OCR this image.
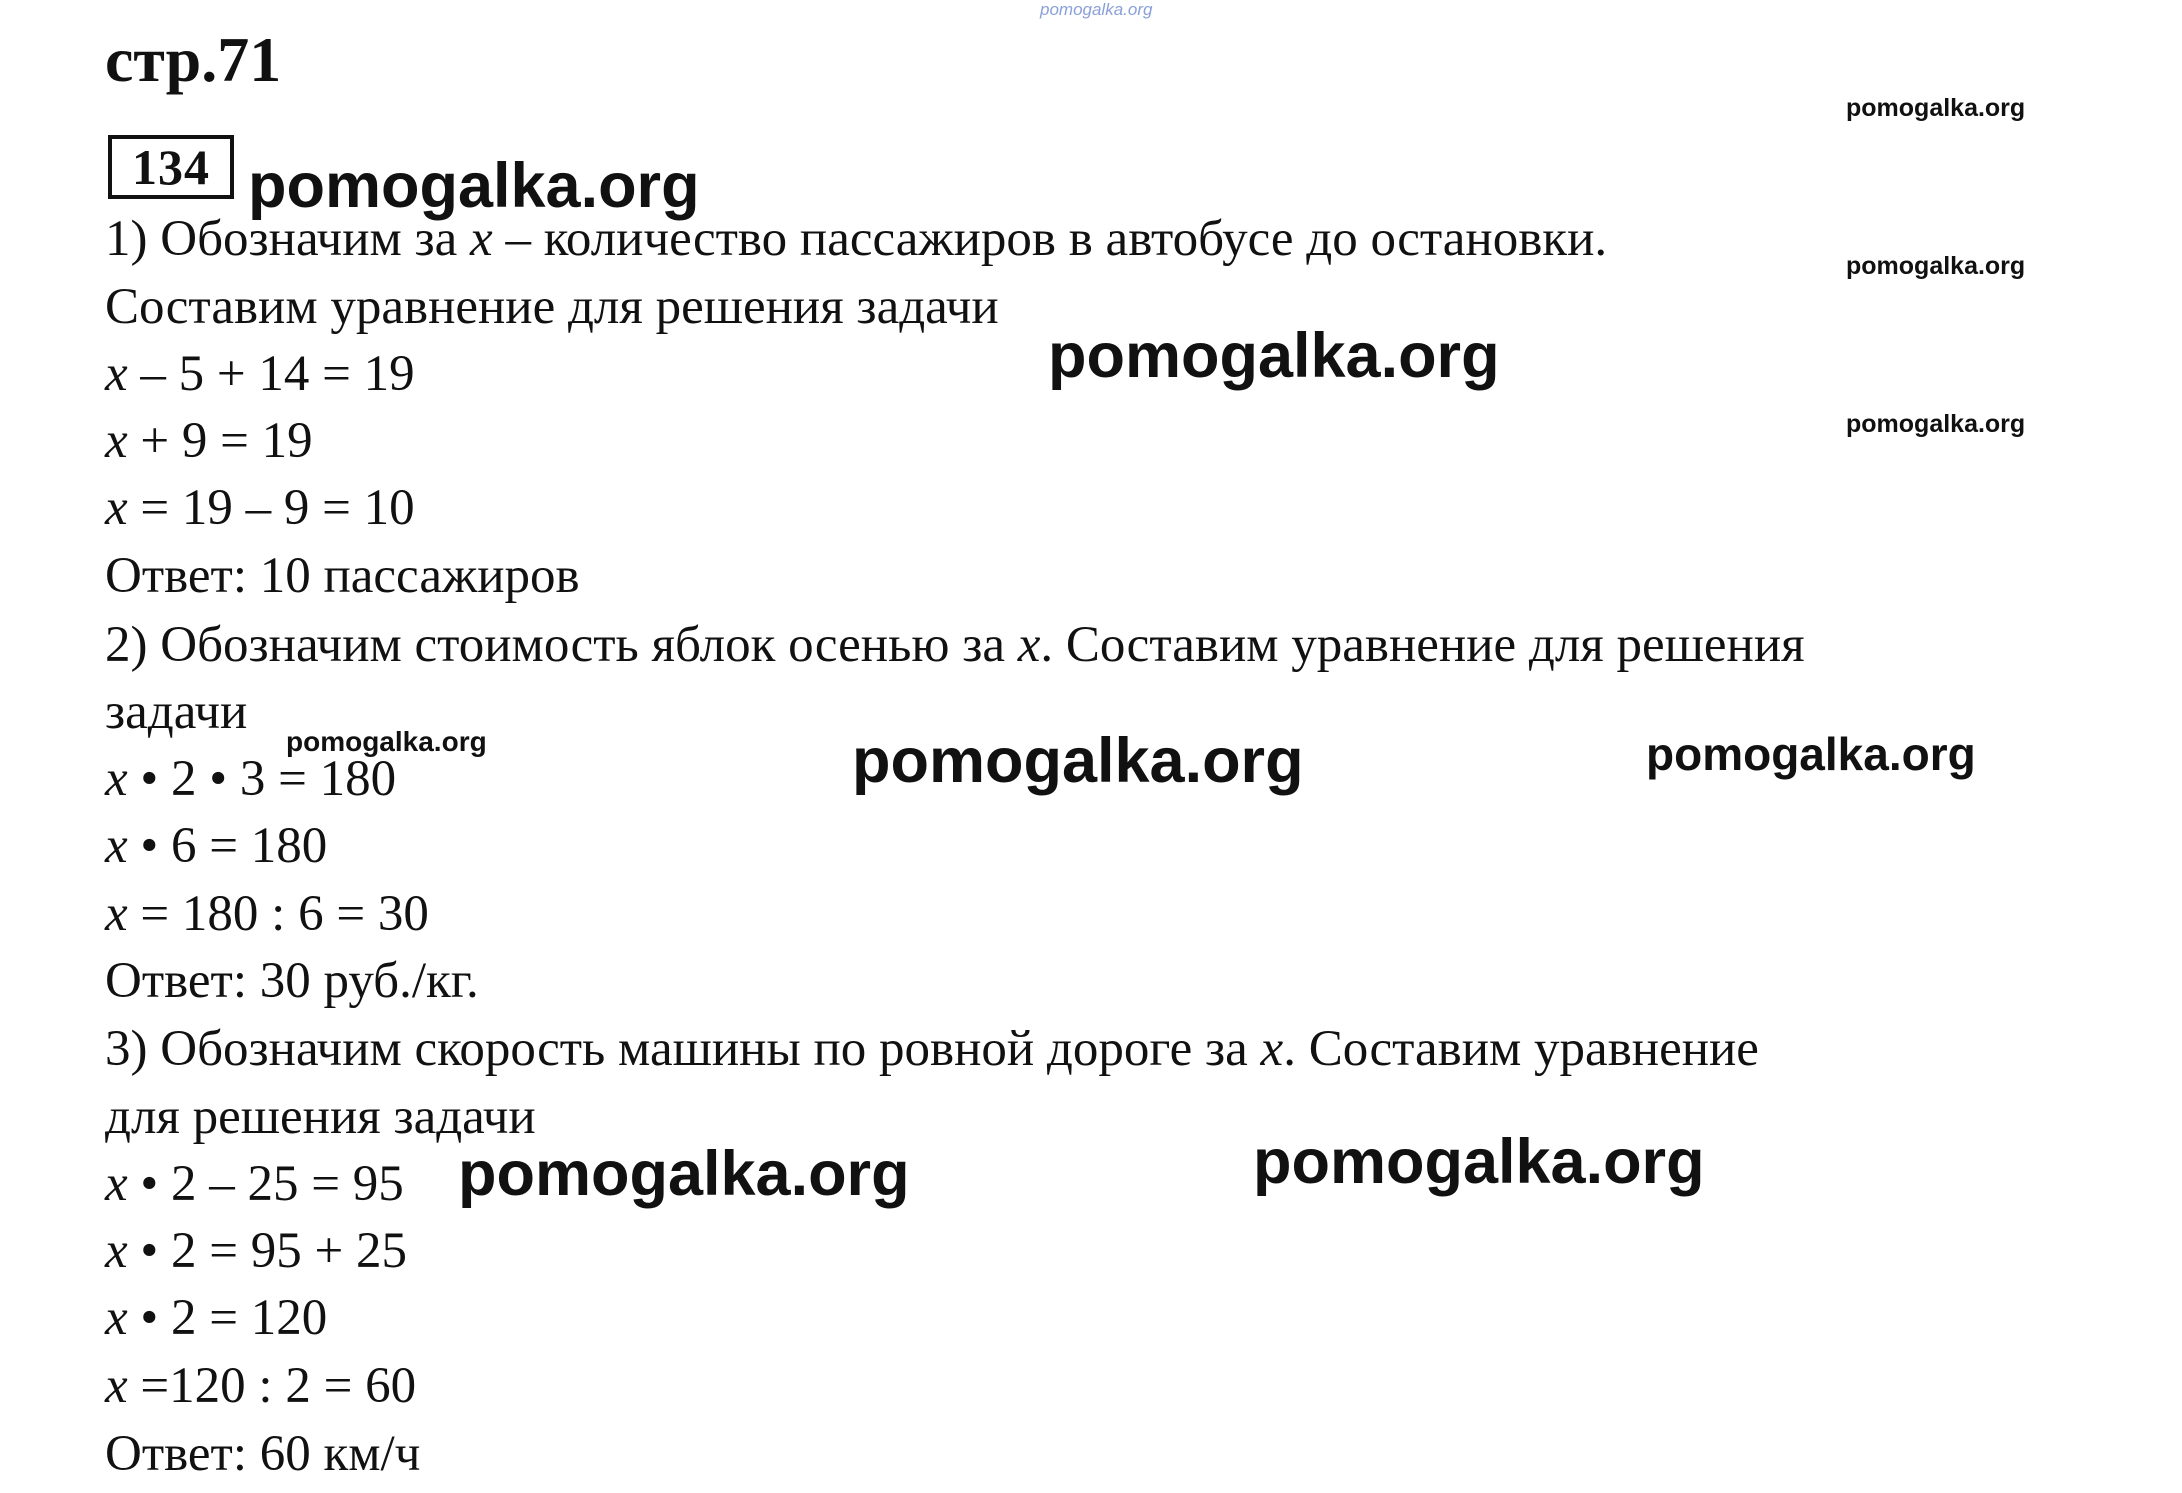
pomogalka.org
стр.71
134 pomogalka.org
pomogalka.org
pomogalka.org
pomogalka.org
pomogalka.org
pomogalka.org	pomogalka.org	pomogalka.org
pomogalka.org	pomogalka.org
1) Обозначим за x – количество пассажиров в автобусе до остановки.
Составим уравнение для решения задачи
x – 5 + 14 = 19
x + 9 = 19
x = 19 – 9 = 10
Ответ: 10 пассажиров
2) Обозначим стоимость яблок осенью за x. Составим уравнение для решения
задачи
x • 2 • 3 = 180
x • 6 = 180
x = 180 : 6 = 30
Ответ: 30 руб./кг.
3) Обозначим скорость машины по ровной дороге за x. Составим уравнение
для решения задачи
x • 2 – 25 = 95
x • 2 = 95 + 25
x • 2 = 120
x =120 : 2 = 60
Ответ: 60 км/ч
